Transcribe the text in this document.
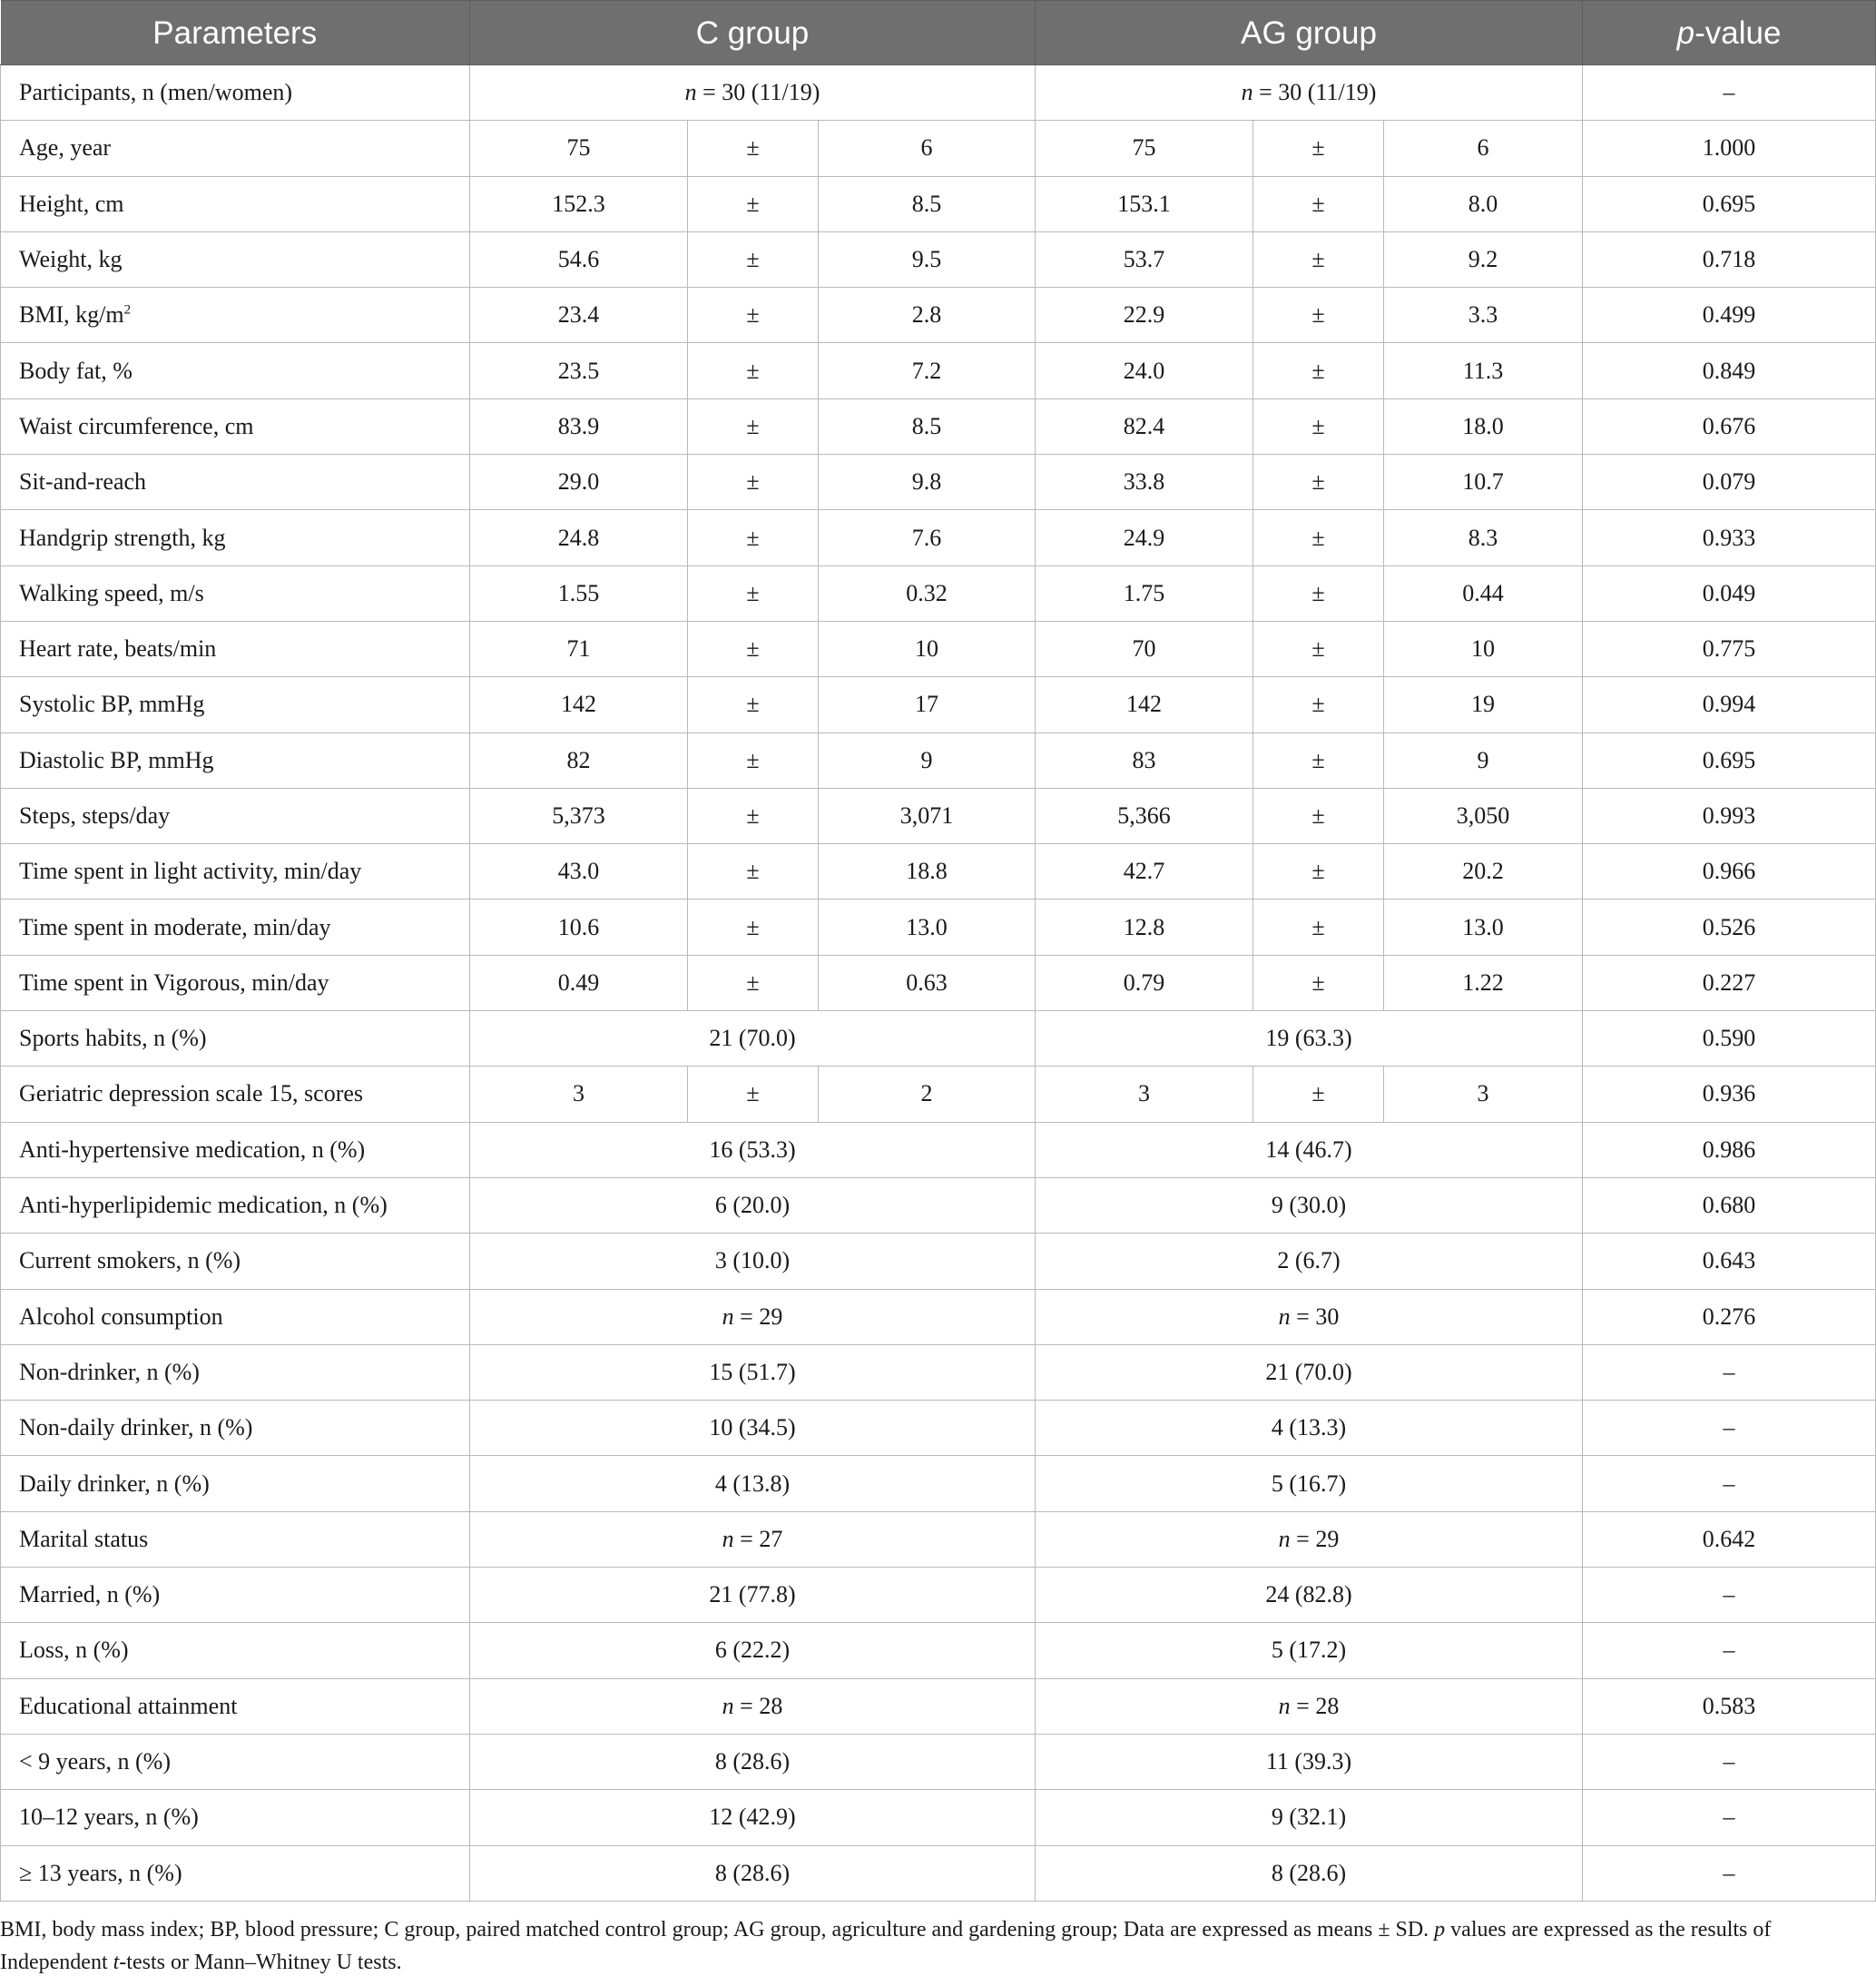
Parameters	C group			AG group			p-value
Participants, n (men/women)	n = 30 (11/19)			n = 30 (11/19)			–
Age, year	75	±	6	75	±	6	1.000
Height, cm	152.3	±	8.5	153.1	±	8.0	0.695
Weight, kg	54.6	±	9.5	53.7	±	9.2	0.718
BMI, $kg/m^2$	23.4	±	2.8	22.9	±	3.3	0.499
Body fat, %	23.5	±	7.2	24.0	±	11.3	0.849
Waist circumference, cm	83.9	±	8.5	82.4	±	18.0	0.676
Sit-and-reach	29.0	±	9.8	33.8	±	10.7	0.079
Handgrip strength, kg	24.8	±	7.6	24.9	±	8.3	0.933
Walking speed, m/s	1.55	±	0.32	1.75	±	0.44	0.049
Heart rate, beats/min	71	±	10	70	±	10	0.775
Systolic BP, mmHg	142	±	17	142	±	19	0.994
Diastolic BP, mmHg	82	±	9	83	±	9	0.695
Steps, steps/day	5,373	±	3,071	5,366	±	3,050	0.993
Time spent in light activity, min/day	43.0	±	18.8	42.7	±	20.2	0.966
Time spent in moderate, min/day	10.6	±	13.0	12.8	±	13.0	0.526
Time spent in Vigorous, min/day	0.49	±	0.63	0.79	±	1.22	0.227
Sports habits, n (%)	21 (70.0)			19 (63.3)			0.590
Geriatric depression scale 15, scores	3	±	2	3	±	3	0.936
Anti-hypertensive medication, n (%)	16 (53.3)			14 (46.7)			0.986
Anti-hyperlipidemic medication, n (%)	6 (20.0)			9 (30.0)			0.680
Current smokers, n (%)	3 (10.0)			2 (6.7)			0.643
Alcohol consumption	n = 29			n = 30			0.276
Non-drinker, n (%)	15 (51.7)			21 (70.0)			–
Non-daily drinker, n (%)	10 (34.5)			4 (13.3)			–
Daily drinker, n (%)	4 (13.8)			5 (16.7)			–
Marital status	n = 27			n = 29			0.642
Married, n (%)	21 (77.8)			24 (82.8)			–
Loss, n (%)	6 (22.2)			5 (17.2)			–
Educational attainment	n = 28			n = 28			0.583
< 9 years, n (%)	8 (28.6)			11 (39.3)			–
10–12 years, n (%)	12 (42.9)			9 (32.1)			–
≥ 13 years, n (%)	8 (28.6)			8 (28.6)			–
BMI, body mass index; BP, blood pressure; C group, paired matched control group; AG group, agriculture and gardening group; Data are expressed as means ± SD. p values are expressed as the results of Independent t-tests or Mann–Whitney U tests.
